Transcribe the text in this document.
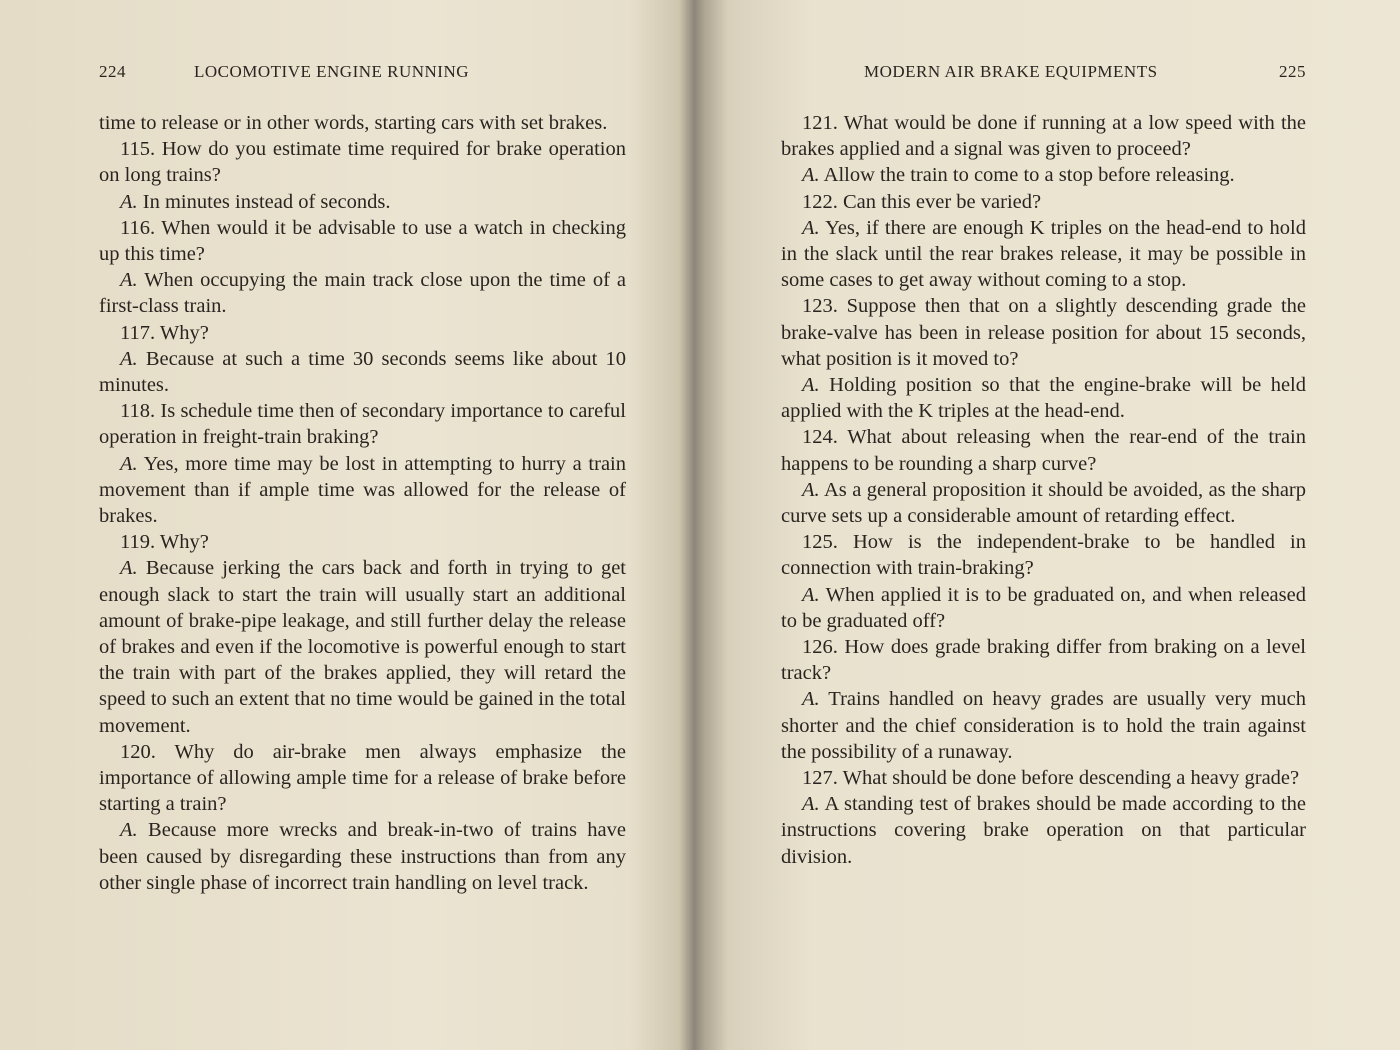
224	LOCOMOTIVE ENGINE RUNNING

time to release or in other words, starting cars with set brakes.

115. How do you estimate time required for brake operation on long trains?

A. In minutes instead of seconds.

116. When would it be advisable to use a watch in checking up this time?

A. When occupying the main track close upon the time of a first-class train.

117. Why?

A. Because at such a time 30 seconds seems like about 10 minutes.

118. Is schedule time then of secondary importance to careful operation in freight-train braking?

A. Yes, more time may be lost in attempting to hurry a train movement than if ample time was allowed for the release of brakes.

119. Why?

A. Because jerking the cars back and forth in trying to get enough slack to start the train will usually start an additional amount of brake-pipe leakage, and still further delay the release of brakes and even if the locomotive is powerful enough to start the train with part of the brakes applied, they will retard the speed to such an extent that no time would be gained in the total movement.

120. Why do air-brake men always emphasize the importance of allowing ample time for a release of brake before starting a train?

A. Because more wrecks and break-in-two of trains have been caused by disregarding these instructions than from any other single phase of incorrect train handling on level track.

MODERN AIR BRAKE EQUIPMENTS	225

121. What would be done if running at a low speed with the brakes applied and a signal was given to proceed?

A. Allow the train to come to a stop before releasing.

122. Can this ever be varied?

A. Yes, if there are enough K triples on the head-end to hold in the slack until the rear brakes release, it may be possible in some cases to get away without coming to a stop.

123. Suppose then that on a slightly descending grade the brake-valve has been in release position for about 15 seconds, what position is it moved to?

A. Holding position so that the engine-brake will be held applied with the K triples at the head-end.

124. What about releasing when the rear-end of the train happens to be rounding a sharp curve?

A. As a general proposition it should be avoided, as the sharp curve sets up a considerable amount of retarding effect.

125. How is the independent-brake to be handled in connection with train-braking?

A. When applied it is to be graduated on, and when released to be graduated off?

126. How does grade braking differ from braking on a level track?

A. Trains handled on heavy grades are usually very much shorter and the chief consideration is to hold the train against the possibility of a runaway.

127. What should be done before descending a heavy grade?

A. A standing test of brakes should be made according to the instructions covering brake operation on that particular division.
